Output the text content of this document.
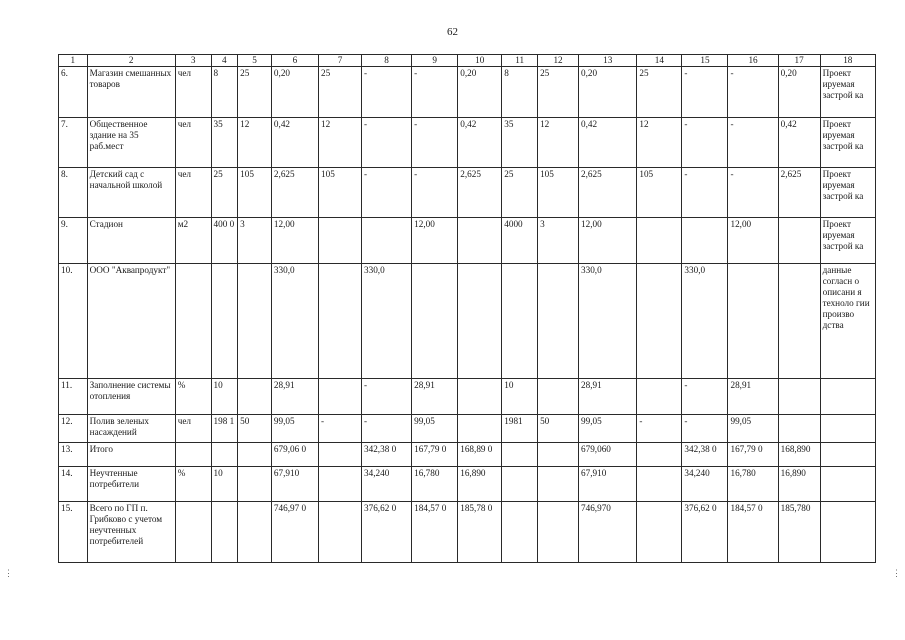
62
1	2	3	4	5	6	7	8	9	10	11	12	13	14	15	16	17	18
6.	Магазин смешанных товаров	чел	8	25	0,20	25	-	-	0,20	8	25	0,20	25	-	-	0,20	Проект ируемая застрой ка
7.	Общественное здание на 35 раб.мест	чел	35	12	0,42	12	-	-	0,42	35	12	0,42	12	-	-	0,42	Проект ируемая застрой ка
8.	Детский сад с начальной школой	чел	25	105	2,625	105	-	-	2,625	25	105	2,625	105	-	-	2,625	Проект ируемая застрой ка
9.	Стадион	м2	400 0	3	12,00			12,00		4000	3	12,00			12,00		Проект ируемая застрой ка
10.	ООО "Аквапродукт"				330,0		330,0					330,0		330,0			данные согласн о описани я техноло гии произво дства
11.	Заполнение системы отопления	%	10		28,91		-	28,91		10		28,91		-	28,91		
12.	Полив зеленых насаждений	чел	198 1	50	99,05	-	-	99,05		1981	50	99,05	-	-	99,05		
13.	Итого				679,06 0		342,38 0	167,79 0	168,89 0			679,060		342,38 0	167,79 0	168,890	
14.	Неучтенные потребители	%	10		67,910		34,240	16,780	16,890			67,910		34,240	16,780	16,890	
15.	Всего по ГП п. Грибково с учетом неучтенных потребителей				746,97 0		376,62 0	184,57 0	185,78 0			746,970		376,62 0	184,57 0	185,780	
⋮	⋮
